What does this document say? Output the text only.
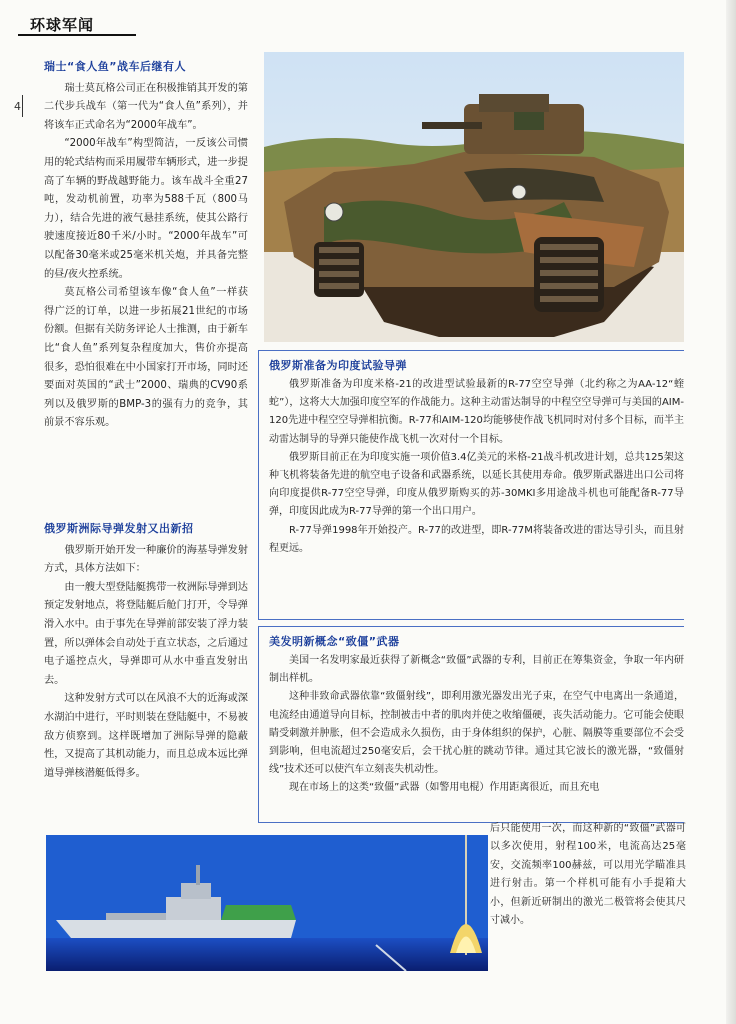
环球军闻
4
瑞士“食人鱼”战车后继有人

瑞士莫瓦格公司正在积极推销其开发的第二代步兵战车（第一代为“食人鱼”系列），并将该车正式命名为“2000年战车”。

“2000年战车”构型简洁，一反该公司惯用的轮式结构而采用履带车辆形式，进一步提高了车辆的野战越野能力。该车战斗全重27吨，发动机前置，功率为588千瓦（800马力），结合先进的液气悬挂系统，使其公路行驶速度接近80千米/小时。“2000年战车”可以配备30毫米或25毫米机关炮，并具备完整的昼/夜火控系统。

莫瓦格公司希望该车像“食人鱼”一样获得广泛的订单，以进一步拓展21世纪的市场份额。但据有关防务评论人士推测，由于新车比“食人鱼”系列复杂程度加大，售价亦提高很多，恐怕很难在中小国家打开市场，同时还要面对英国的“武士”2000、瑞典的CV90系列以及俄罗斯的BMP-3的强有力的竞争，其前景不容乐观。

俄罗斯洲际导弹发射又出新招

俄罗斯开始开发一种廉价的海基导弹发射方式，具体方法如下：

由一艘大型登陆艇携带一枚洲际导弹到达预定发射地点，将登陆艇后舱门打开，令导弹滑入水中。由于事先在导弹前部安装了浮力装置，所以弹体会自动处于直立状态，之后通过电子遥控点火，导弹即可从水中垂直发射出去。

这种发射方式可以在风浪不大的近海或深水湖泊中进行，平时则装在登陆艇中，不易被敌方侦察到。这样既增加了洲际导弹的隐蔽性，又提高了其机动能力，而且总成本远比弹道导弹核潜艇低得多。

俄罗斯准备为印度试验导弹

俄罗斯准备为印度米格-21的改进型试验最新的R-77空空导弹（北约称之为AA-12“蝰蛇”），这将大大加强印度空军的作战能力。这种主动雷达制导的中程空空导弹可与美国的AIM-120先进中程空空导弹相抗衡。R-77和AIM-120均能够使作战飞机同时对付多个目标，而半主动雷达制导的导弹只能使作战飞机一次对付一个目标。

俄罗斯目前正在为印度实施一项价值3.4亿美元的米格-21战斗机改进计划，总共125架这种飞机将装备先进的航空电子设备和武器系统，以延长其使用寿命。俄罗斯武器进出口公司将向印度提供R-77空空导弹，印度从俄罗斯购买的苏-30MKI多用途战斗机也可能配备R-77导弹，印度因此成为R-77导弹的第一个出口用户。

R-77导弹1998年开始投产。R-77的改进型，即R-77M将装备改进的雷达导引头，而且射程更远。

美发明新概念“致僵”武器

美国一名发明家最近获得了新概念“致僵”武器的专利，目前正在筹集资金，争取一年内研制出样机。

这种非致命武器依靠“致僵射线”，即利用激光器发出光子束，在空气中电离出一条通道，电流经由通道导向目标，控制被击中者的肌肉并使之收缩僵硬，丧失活动能力。它可能会使眼睛受刺激并肿胀，但不会造成永久损伤，由于身体组织的保护，心脏、隔膜等重要部位不会受到影响，但电流超过250毫安后，会干扰心脏的跳动节律。通过其它波长的激光器，“致僵射线”技术还可以使汽车立刻丧失机动性。

现在市场上的这类“致僵”武器（如警用电棍）作用距离很近，而且充电

后只能使用一次，而这种新的“致僵”武器可以多次使用，射程100米，电流高达25毫安，交流频率100赫兹，可以用光学瞄准具进行射击。第一个样机可能有小手提箱大小，但新近研制出的激光二极管将会使其尺寸减小。
